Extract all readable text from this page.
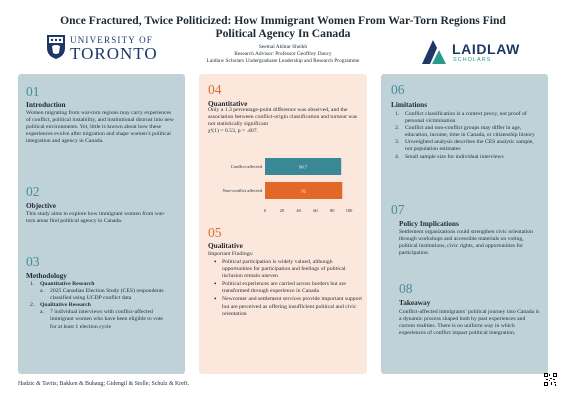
Once Fractured, Twice Politicized: How Immigrant Women From War-Torn Regions Find Political Agency In Canada
UNIVERSITY OF
TORONTO	Seemal Akhtar Sheikh
Research Advisor: Professor Geoffrey Dancy
Laidlaw Scholars Undergraduate Leadership and Research Programme
LAIDLAW
SCHOLARS
01
Introduction
Women migrating from war-torn regions may carry experiences of conflict, political instability, and institutional distrust into new political environments. Yet, little is known about how these experiences evolve after migration and shape women’s political integration and agency in Canada.
02
Objective
This study aims to explore how immigrant women from war-torn areas find political agency in Canada.
03
Methodology
1. Quantitative Research
a. 2025 Canadian Election Study (CES) respondents classified using UCDP conflict data
2. Qualitative Research
a. 7 individual interviews with conflict-affected immigrant women who have been eligible to vote for at least 1 election cycle
04
Quantitative
Only a 1.3 percentage-point difference was observed, and the association between conflict-origin classification and turnout was not statistically significant
χ²(1) = 0.53, p = .467.
90.7
Conflict-affected
92
Non-conflict affected
0	20	40	60	80	100
05
Qualitative
Important Findings:
• Political participation is widely valued, although opportunities for participation and feelings of political inclusion remain uneven
• Political experiences are carried across borders but are transformed through experience in Canada
• Newcomer and settlement services provide important support but are perceived as offering insufficient political and civic orientation
06
Limitations
1. Conflict classification is a context proxy, not proof of personal victimisation
2. Conflict and non-conflict groups may differ in age, education, income, time in Canada, or citizenship history
3. Unweighted analysis describes the CES analytic sample, not population estimates
4. Small sample size for individual interviews
07
Policy Implications
Settlement organizations could strengthen civic orientation through workshops and accessible materials on voting, political institutions, civic rights, and opportunities for participation.
08
Takeaway
Conflict-affected immigrants’ political journey into Canada is a dynamic process shaped both by past experiences and current realities. There is no uniform way in which experiences of conflict impact political integration.
Hadzic & Tavits; Bakken & Buhaug; Gidengil & Stolle; Schulz & Kreft.
